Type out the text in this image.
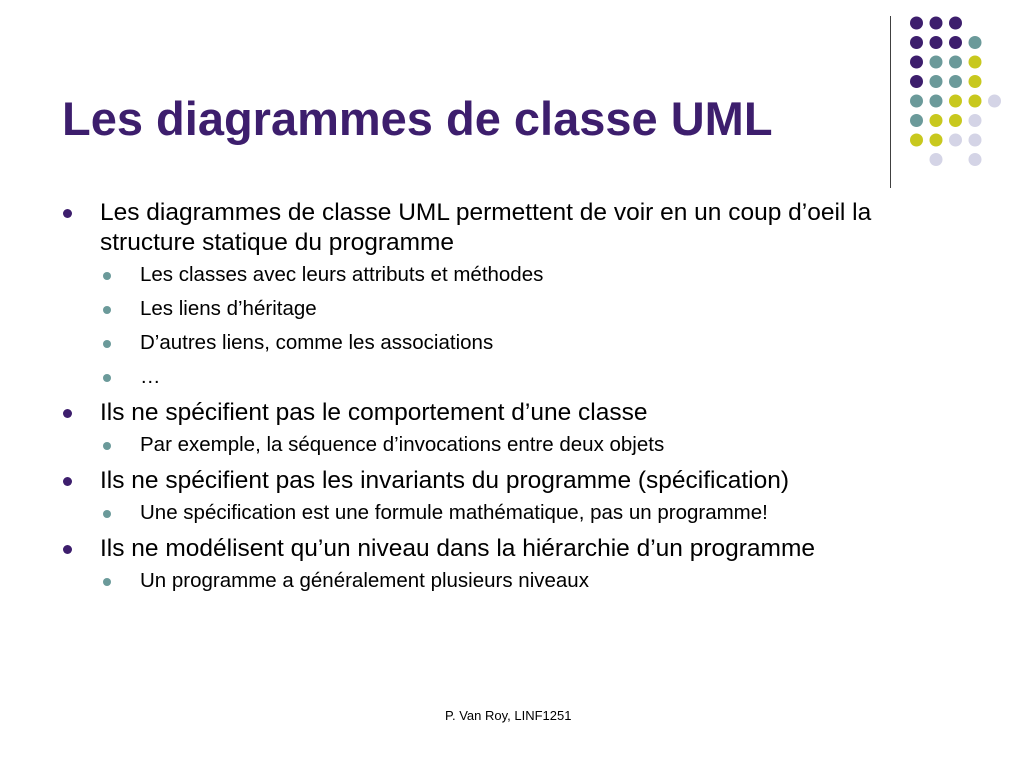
Les diagrammes de classe UML
Les diagrammes de classe UML permettent de voir en un coup d’oeil la structure statique du programme
Les classes avec leurs attributs et méthodes
Les liens d’héritage
D’autres liens, comme les associations
…
Ils ne spécifient pas le comportement d’une classe
Par exemple, la séquence d’invocations entre deux objets
Ils ne spécifient pas les invariants du programme (spécification)
Une spécification est une formule mathématique, pas un programme!
Ils ne modélisent qu’un niveau dans la hiérarchie d’un programme
Un programme a généralement plusieurs niveaux
P. Van Roy, LINF1251
